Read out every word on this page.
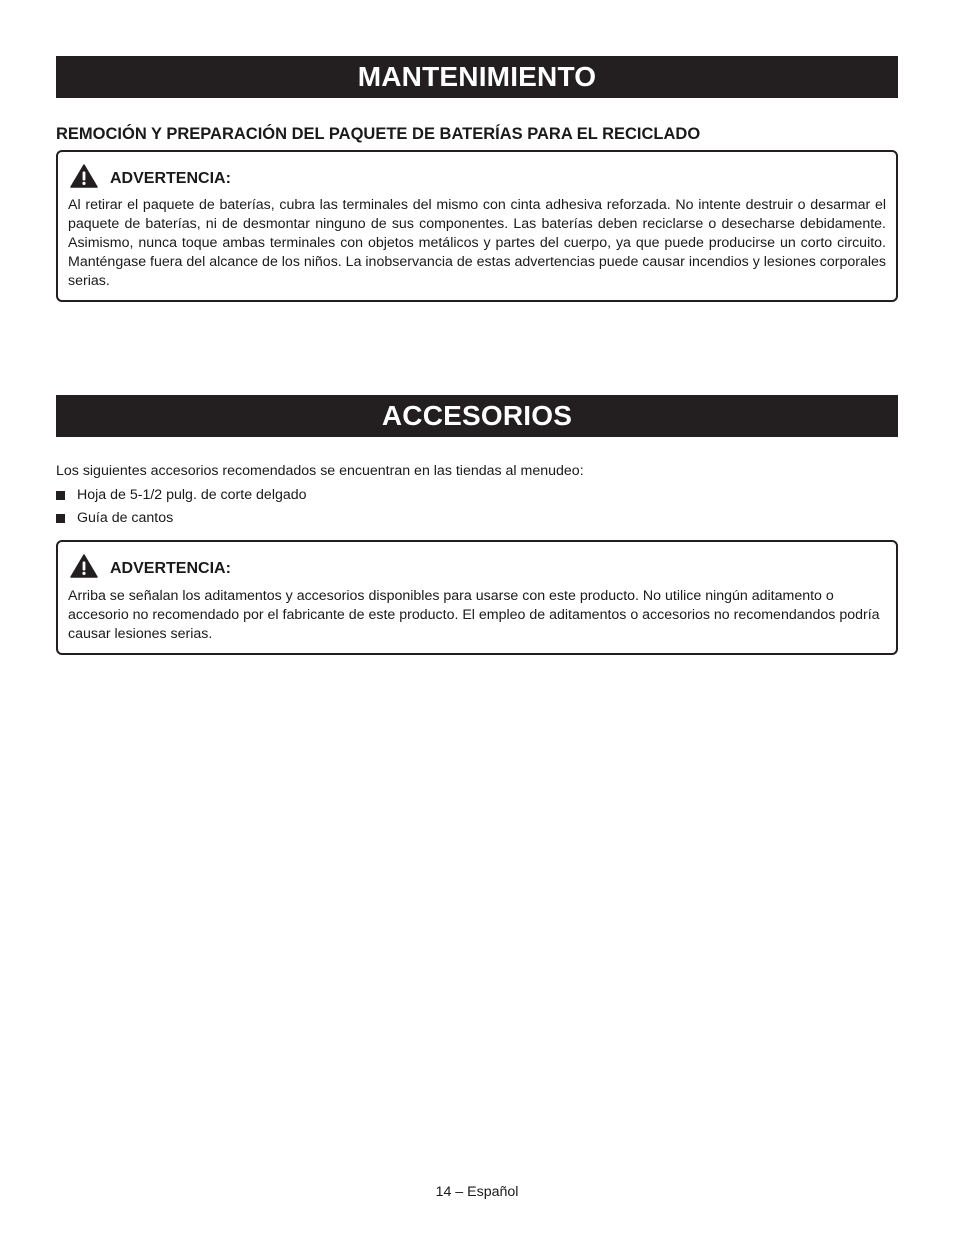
MANTENIMIENTO
REMOCIÓN Y PREPARACIÓN DEL PAQUETE DE BATERÍAS PARA EL RECICLADO
ADVERTENCIA:
Al retirar el paquete de baterías, cubra las terminales del mismo con cinta adhesiva reforzada. No intente destruir o desarmar el paquete de baterías, ni de desmontar ninguno de sus componentes. Las baterías deben reciclarse o desecharse debidamente. Asimismo, nunca toque ambas terminales con objetos metálicos y partes del cuerpo, ya que puede producirse un corto circuito. Manténgase fuera del alcance de los niños. La inobservancia de estas advertencias puede causar incendios y lesiones corporales serias.
ACCESORIOS
Los siguientes accesorios recomendados se encuentran en las tiendas al menudeo:
Hoja de 5-1/2 pulg. de corte delgado
Guía de cantos
ADVERTENCIA:
Arriba se señalan los aditamentos y accesorios disponibles para usarse con este producto. No utilice ningún aditamento o accesorio no recomendado por el fabricante de este producto. El empleo de aditamentos o accesorios no recomendandos podría causar lesiones serias.
14 – Español
